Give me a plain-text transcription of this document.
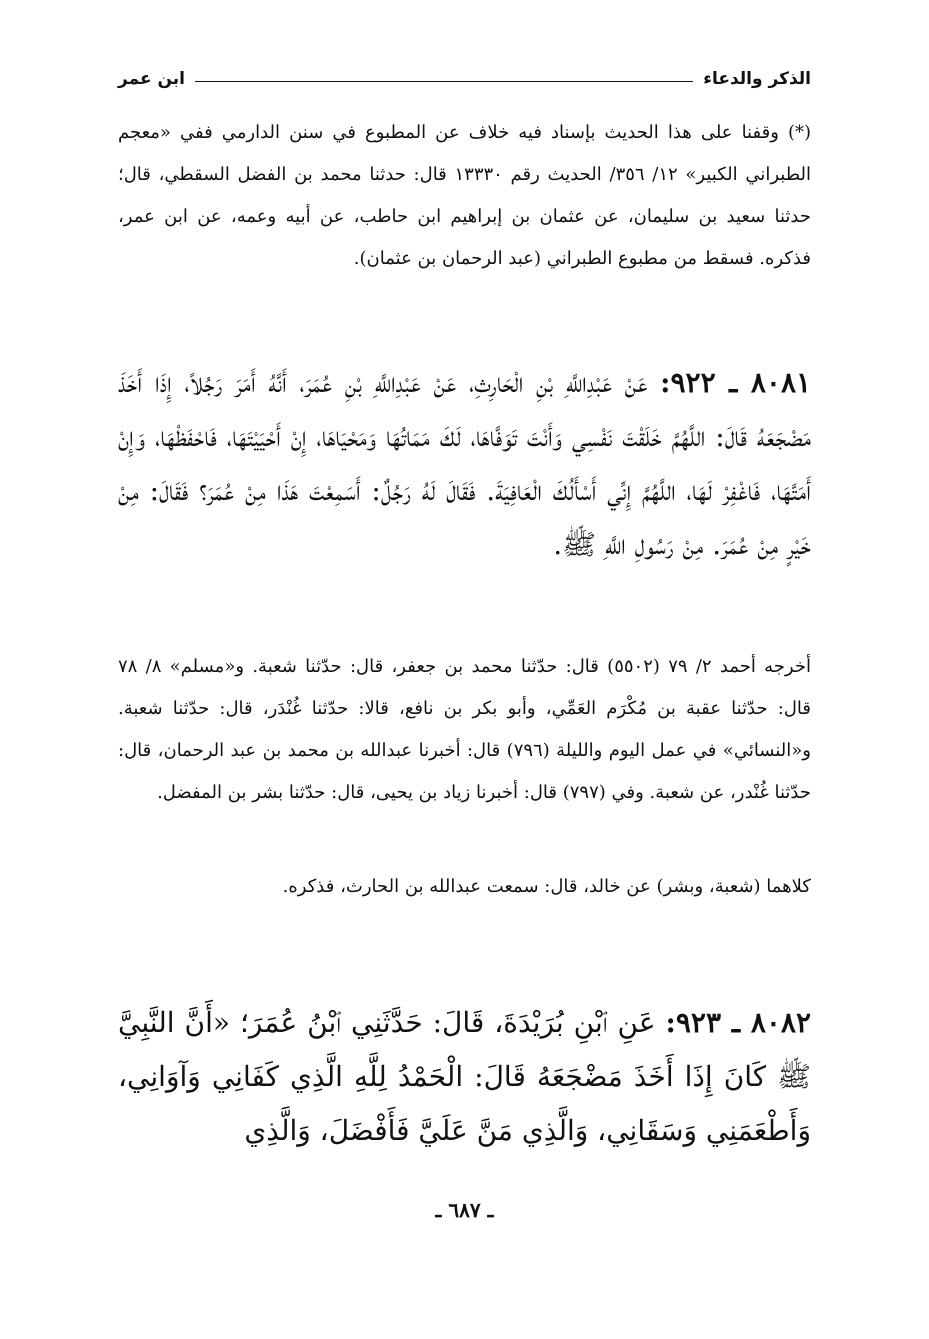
الذكر والدعاء
ابن عمر
(*) وقفنا على هذا الحديث بإسناد فيه خلاف عن المطبوع في سنن الدارمي ففي «معجم الطبراني الكبير» ١٢/ ٣٥٦/ الحديث رقم ١٣٣٣٠ قال: حدثنا محمد بن الفضل السقطي، قال؛ حدثنا سعيد بن سليمان، عن عثمان بن إبراهيم ابن حاطب، عن أبيه وعمه، عن ابن عمر، فذكره. فسقط من مطبوع الطبراني (عبد الرحمان بن عثمان).
٨٠٨١ ـ ٩٢٢: عَنْ عَبْدِاللَّهِ بْنِ الْحَارِثِ، عَنْ عَبْدِاللَّهِ بْنِ عُمَرَ، أَنَّهُ أَمَرَ رَجُلاً، إِذَا أَخَذَ مَضْجَعَهُ قَالَ: اللَّهُمَّ خَلَقْتَ نَفْسِي وَأَنْتَ تَوَفَّاهَا، لَكَ مَمَاتُهَا وَمَحْيَاهَا، إِنْ أَحْيَيْتَهَا، فَاحْفَظْهَا، وَإِنْ أَمَتَّهَا، فَاغْفِرْ لَهَا، اللَّهُمَّ إِنِّي أَسْأَلُكَ الْعَافِيَةَ. فَقَالَ لَهُ رَجُلٌ: أَسَمِعْتَ هَذَا مِنْ عُمَرَ؟ فَقَالَ: مِنْ خَيْرٍ مِنْ عُمَرَ. مِنْ رَسُولِ اللَّهِ ﷺ.
أخرجه أحمد ٢/ ٧٩ (٥٥٠٢) قال: حدّثنا محمد بن جعفر، قال: حدّثنا شعبة. و«مسلم» ٨/ ٧٨ قال: حدّثنا عقبة بن مُكْرَم العَمِّي، وأبو بكر بن نافع، قالا: حدّثنا غُنْدَر، قال: حدّثنا شعبة. و«النسائي» في عمل اليوم والليلة (٧٩٦) قال: أخبرنا عبدالله بن محمد بن عبد الرحمان، قال: حدّثنا غُنْدر، عن شعبة. وفي (٧٩٧) قال: أخبرنا زياد بن يحيى، قال: حدّثنا بشر بن المفضل.
كلاهما (شعبة، وبشر) عن خالد، قال: سمعت عبدالله بن الحارث، فذكره.
٨٠٨٢ ـ ٩٢٣: عَنِ ٱبْنِ بُرَيْدَةَ، قَالَ: حَدَّثَنِي ٱبْنُ عُمَرَ؛ «أَنَّ النَّبِيَّ ﷺ كَانَ إِذَا أَخَذَ مَضْجَعَهُ قَالَ: الْحَمْدُ لِلَّهِ الَّذِي كَفَانِي وَآوَانِي، وَأَطْعَمَنِي وَسَقَانِي، وَالَّذِي مَنَّ عَلَيَّ فَأَفْضَلَ، وَالَّذِي
ـ ٦٨٧ ـ
